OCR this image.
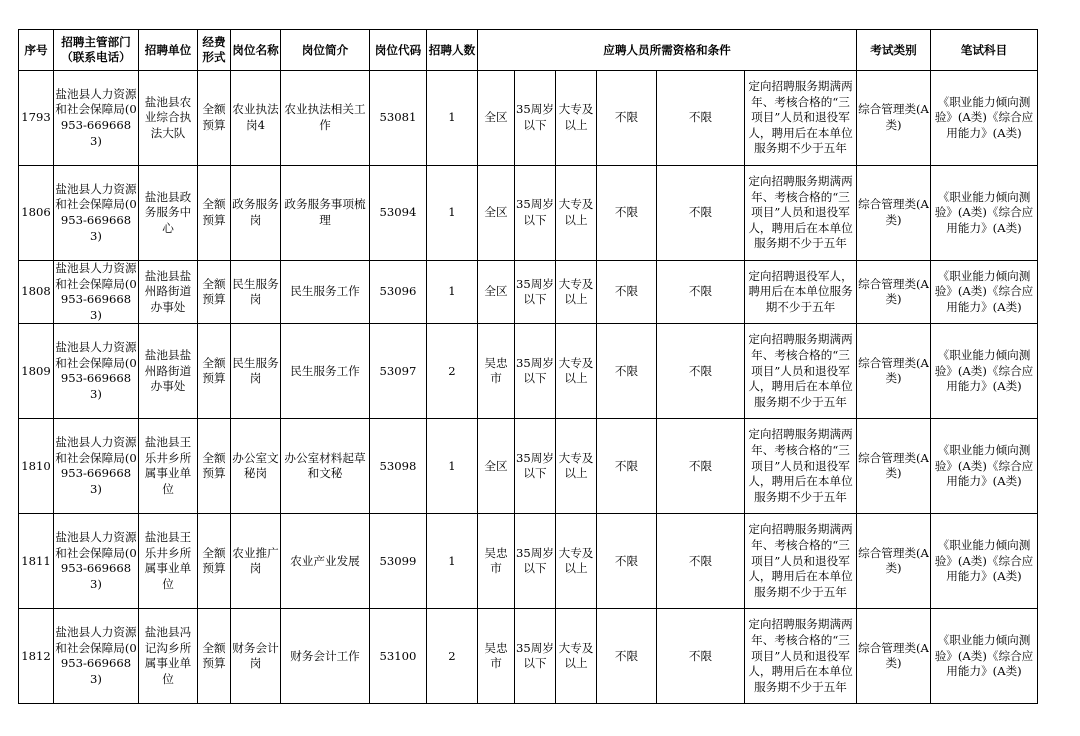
序号	招聘主管部门（联系电话）	招聘单位	经费形式	岗位名称	岗位简介	岗位代码	招聘人数	应聘人员所需资格和条件						考试类别	笔试科目
1793	盐池县人力资源和社会保障局(0953-6696683)	盐池县农业综合执法大队	全额预算	农业执法岗4	农业执法相关工作	53081	1	全区	35周岁以下	大专及以上	不限	不限	定向招聘服务期满两年、考核合格的“三项目”人员和退役军人，聘用后在本单位服务期不少于五年	综合管理类(A类)	《职业能力倾向测验》(A类)《综合应用能力》(A类)
1806	盐池县人力资源和社会保障局(0953-6696683)	盐池县政务服务中心	全额预算	政务服务岗	政务服务事项梳理	53094	1	全区	35周岁以下	大专及以上	不限	不限	定向招聘服务期满两年、考核合格的“三项目”人员和退役军人，聘用后在本单位服务期不少于五年	综合管理类(A类)	《职业能力倾向测验》(A类)《综合应用能力》(A类)
1808	盐池县人力资源和社会保障局(0953-6696683)	盐池县盐州路街道办事处	全额预算	民生服务岗	民生服务工作	53096	1	全区	35周岁以下	大专及以上	不限	不限	定向招聘退役军人，聘用后在本单位服务期不少于五年	综合管理类(A类)	《职业能力倾向测验》(A类)《综合应用能力》(A类)
1809	盐池县人力资源和社会保障局(0953-6696683)	盐池县盐州路街道办事处	全额预算	民生服务岗	民生服务工作	53097	2	吴忠市	35周岁以下	大专及以上	不限	不限	定向招聘服务期满两年、考核合格的“三项目”人员和退役军人，聘用后在本单位服务期不少于五年	综合管理类(A类)	《职业能力倾向测验》(A类)《综合应用能力》(A类)
1810	盐池县人力资源和社会保障局(0953-6696683)	盐池县王乐井乡所属事业单位	全额预算	办公室文秘岗	办公室材料起草和文秘	53098	1	全区	35周岁以下	大专及以上	不限	不限	定向招聘服务期满两年、考核合格的“三项目”人员和退役军人，聘用后在本单位服务期不少于五年	综合管理类(A类)	《职业能力倾向测验》(A类)《综合应用能力》(A类)
1811	盐池县人力资源和社会保障局(0953-6696683)	盐池县王乐井乡所属事业单位	全额预算	农业推广岗	农业产业发展	53099	1	吴忠市	35周岁以下	大专及以上	不限	不限	定向招聘服务期满两年、考核合格的“三项目”人员和退役军人，聘用后在本单位服务期不少于五年	综合管理类(A类)	《职业能力倾向测验》(A类)《综合应用能力》(A类)
1812	盐池县人力资源和社会保障局(0953-6696683)	盐池县冯记沟乡所属事业单位	全额预算	财务会计岗	财务会计工作	53100	2	吴忠市	35周岁以下	大专及以上	不限	不限	定向招聘服务期满两年、考核合格的“三项目”人员和退役军人，聘用后在本单位服务期不少于五年	综合管理类(A类)	《职业能力倾向测验》(A类)《综合应用能力》(A类)
